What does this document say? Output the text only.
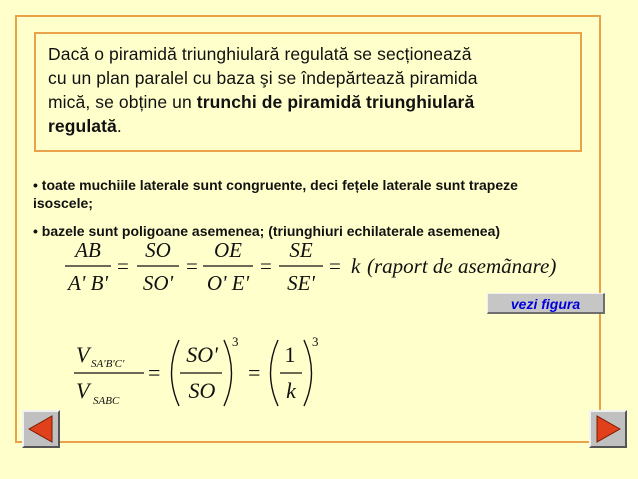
Dacă o piramidă triunghiulară regulată se secționează
cu un plan paralel cu baza şi se îndepărtează piramida
mică, se obține un trunchi de piramidă triunghiulară
regulată.
• toate muchiile laterale sunt congruente, deci fețele laterale sunt trapeze isoscele;
• bazele sunt poligoane asemenea; (triunghiuri echilaterale asemenea)
AB
A' B'
=
SO
SO'
=
OE
O' E'
=
SE
SE'
= k (raport de asemãnare)
vezi figura
V SA'B'C'
V SABC
=
SO'
SO
3
=
1
k
3
